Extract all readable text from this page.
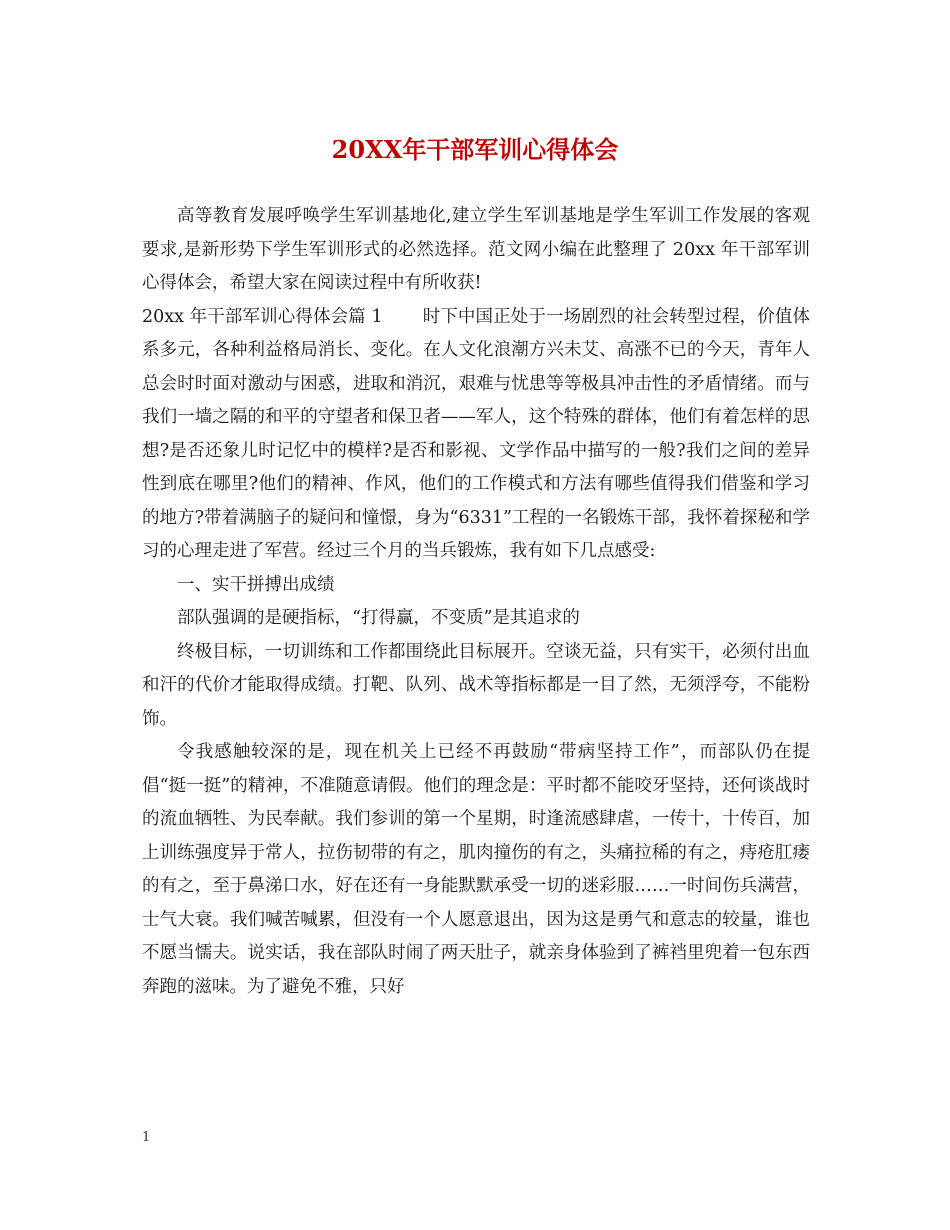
20XX年干部军训心得体会

高等教育发展呼唤学生军训基地化,建立学生军训基地是学生军训工作发展的客观要求,是新形势下学生军训形式的必然选择。范文网小编在此整理了 20xx 年干部军训心得体会，希望大家在阅读过程中有所收获!

20xx 年干部军训心得体会篇 1 时下中国正处于一场剧烈的社会转型过程，价值体系多元，各种利益格局消长、变化。在人文化浪潮方兴未艾、高涨不已的今天，青年人总会时时面对激动与困惑，进取和消沉，艰难与忧患等等极具冲击性的矛盾情绪。而与我们一墙之隔的和平的守望者和保卫者——军人，这个特殊的群体，他们有着怎样的思想?是否还象儿时记忆中的模样?是否和影视、文学作品中描写的一般?我们之间的差异性到底在哪里?他们的精神、作风，他们的工作模式和方法有哪些值得我们借鉴和学习的地方?带着满脑子的疑问和憧憬，身为“6331”工程的一名锻炼干部，我怀着探秘和学习的心理走进了军营。经过三个月的当兵锻炼，我有如下几点感受:

一、实干拼搏出成绩

部队强调的是硬指标，“打得赢，不变质”是其追求的

终极目标，一切训练和工作都围绕此目标展开。空谈无益，只有实干，必须付出血和汗的代价才能取得成绩。打靶、队列、战术等指标都是一目了然，无须浮夸，不能粉饰。

令我感触较深的是，现在机关上已经不再鼓励“带病坚持工作”，而部队仍在提倡“挺一挺”的精神，不准随意请假。他们的理念是：平时都不能咬牙坚持，还何谈战时的流血牺牲、为民奉献。我们参训的第一个星期，时逢流感肆虐，一传十，十传百，加上训练强度异于常人，拉伤韧带的有之，肌肉撞伤的有之，头痛拉稀的有之，痔疮肛瘘的有之，至于鼻涕口水，好在还有一身能默默承受一切的迷彩服……一时间伤兵满营，士气大衰。我们喊苦喊累，但没有一个人愿意退出，因为这是勇气和意志的较量，谁也不愿当懦夫。说实话，我在部队时闹了两天肚子，就亲身体验到了裤裆里兜着一包东西奔跑的滋味。为了避免不雅，只好

1
